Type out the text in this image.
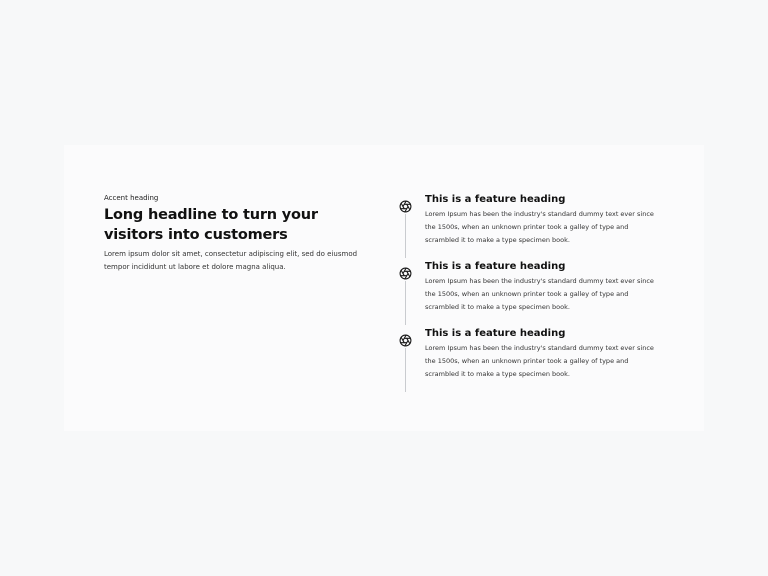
Accent heading
Long headline to turn your visitors into customers

Lorem ipsum dolor sit amet, consectetur adipiscing elit, sed do eiusmod tempor incididunt ut labore et dolore magna aliqua.

This is a feature heading

Lorem Ipsum has been the industry's standard dummy text ever since the 1500s, when an unknown printer took a galley of type and scrambled it to make a type specimen book.

This is a feature heading

Lorem Ipsum has been the industry's standard dummy text ever since the 1500s, when an unknown printer took a galley of type and scrambled it to make a type specimen book.

This is a feature heading

Lorem Ipsum has been the industry's standard dummy text ever since the 1500s, when an unknown printer took a galley of type and scrambled it to make a type specimen book.
